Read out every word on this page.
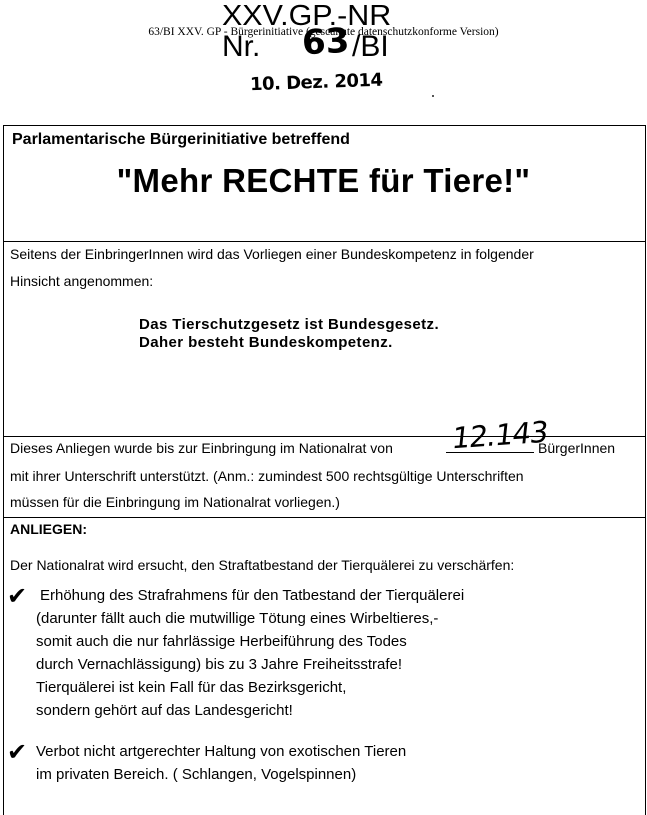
XXV.GP.-NR
63/BI XXV. GP - Bürgerinitiative (gescannte datenschutzkonforme Version)
Nr. 63 /BI
10. Dez. 2014
Parlamentarische Bürgerinitiative betreffend
"Mehr RECHTE für Tiere!"
Seitens der EinbringerInnen wird das Vorliegen einer Bundeskompetenz in folgender
Hinsicht angenommen:
Das Tierschutzgesetz ist Bundesgesetz.
Daher besteht Bundeskompetenz.
Dieses Anliegen wurde bis zur Einbringung im Nationalrat von 12.143
BürgerInnen
mit ihrer Unterschrift unterstützt. (Anm.: zumindest 500 rechtsgültige Unterschriften
müssen für die Einbringung im Nationalrat vorliegen.)
ANLIEGEN:
Der Nationalrat wird ersucht, den Straftatbestand der Tierquälerei zu verschärfen:
✔ Erhöhung des Strafrahmens für den Tatbestand der Tierquälerei
(darunter fällt auch die mutwillige Tötung eines Wirbeltieres,-
somit auch die nur fahrlässige Herbeiführung des Todes
durch Vernachlässigung) bis zu 3 Jahre Freiheitsstrafe!
Tierquälerei ist kein Fall für das Bezirksgericht,
sondern gehört auf das Landesgericht!
✔ Verbot nicht artgerechter Haltung von exotischen Tieren
im privaten Bereich. ( Schlangen, Vogelspinnen)
